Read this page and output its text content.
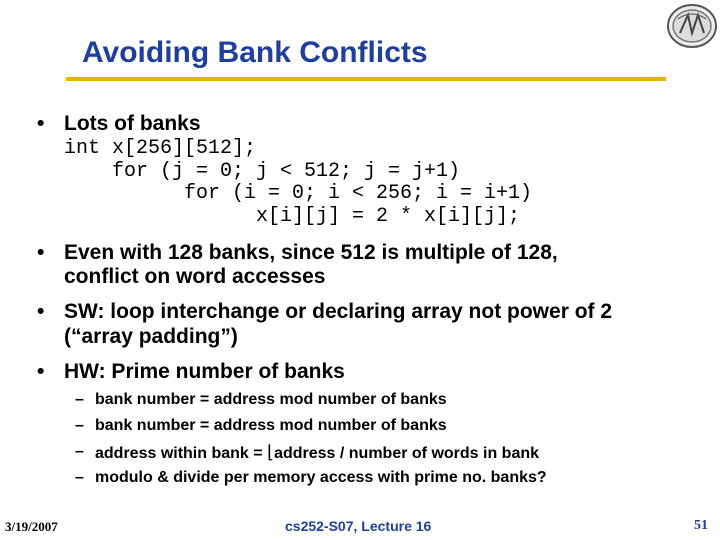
Avoiding Bank Conflicts
• Lots of banks
int x[256][512];
for (j = 0; j < 512; j = j+1)
for (i = 0; i < 256; i = i+1)
x[i][j] = 2 * x[i][j];
• Even with 128 banks, since 512 is multiple of 128,
conflict on word accesses
• SW: loop interchange or declaring array not power of 2
(“array padding”)
• HW: Prime number of banks
– bank number = address mod number of banks
– bank number = address mod number of banks
– address within bank = ⌊address / number of words in bank
– modulo & divide per memory access with prime no. banks?
3/19/2007	cs252-S07, Lecture 16	51
